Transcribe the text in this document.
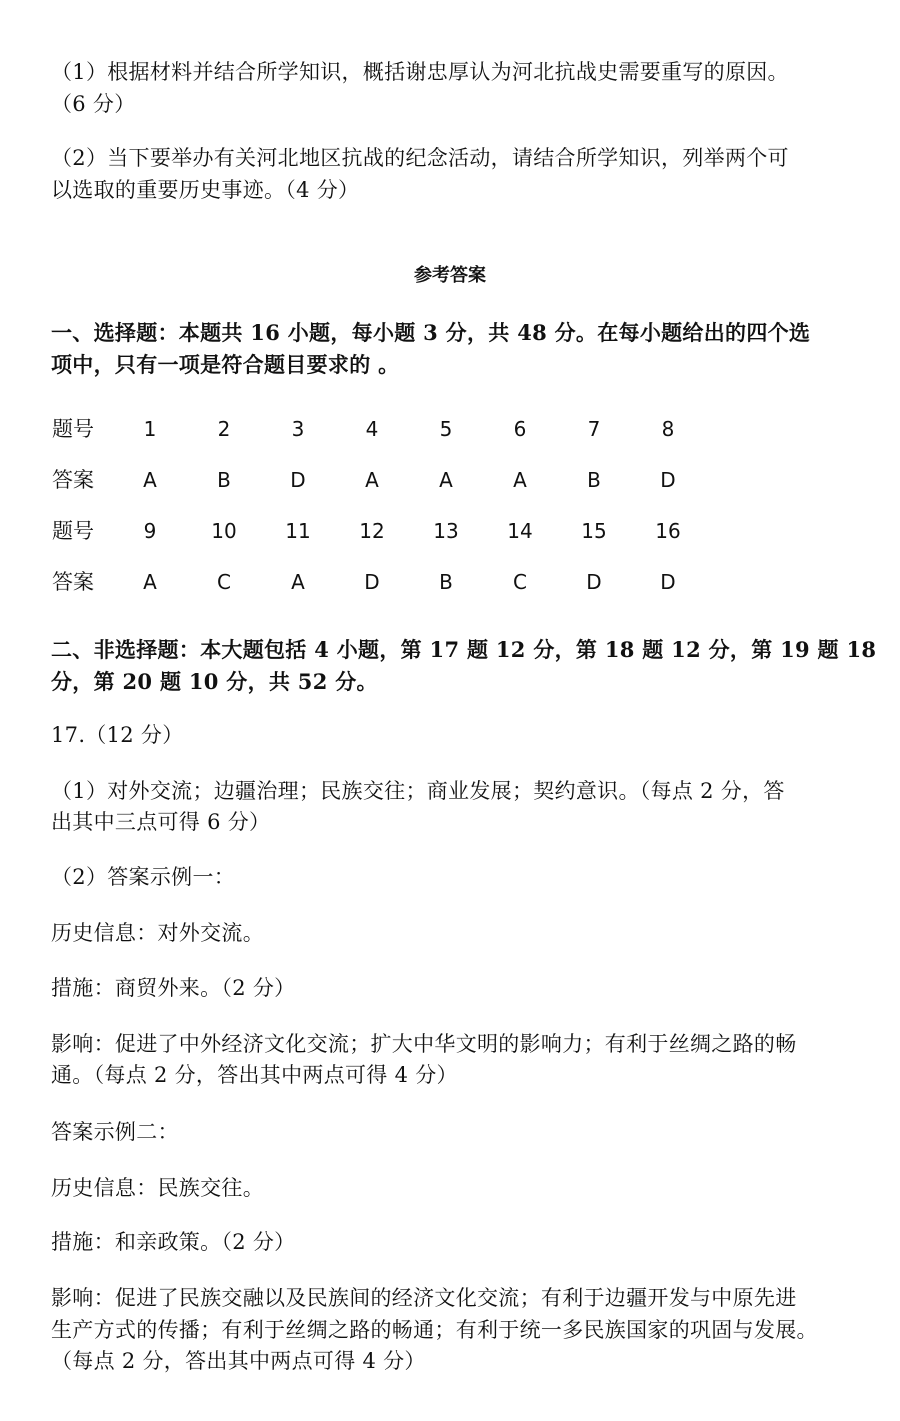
（1）根据材料并结合所学知识，概括谢忠厚认为河北抗战史需要重写的原因。
（6 分）
（2）当下要举办有关河北地区抗战的纪念活动，请结合所学知识，列举两个可
以选取的重要历史事迹。（4 分）
参考答案
一、选择题：本题共 16 小题，每小题 3 分，共 48 分。在每小题给出的四个选
项中，只有一项是符合题目要求的 。
题号	1	2	3	4	5	6	7	8
答案	A	B	D	A	A	A	B	D
题号	9	10	11	12	13	14	15	16
答案	A	C	A	D	B	C	D	D
二、非选择题：本大题包括 4 小题，第 17 题 12 分，第 18 题 12 分，第 19 题 18
分，第 20 题 10 分，共 52 分。
17.（12 分）
（1）对外交流；边疆治理；民族交往；商业发展；契约意识。（每点 2 分，答
出其中三点可得 6 分）
（2）答案示例一：
历史信息：对外交流。
措施：商贸外来。（2 分）
影响：促进了中外经济文化交流；扩大中华文明的影响力；有利于丝绸之路的畅
通。（每点 2 分，答出其中两点可得 4 分）
答案示例二：
历史信息：民族交往。
措施：和亲政策。（2 分）
影响：促进了民族交融以及民族间的经济文化交流；有利于边疆开发与中原先进
生产方式的传播；有利于丝绸之路的畅通；有利于统一多民族国家的巩固与发展。
（每点 2 分，答出其中两点可得 4 分）
